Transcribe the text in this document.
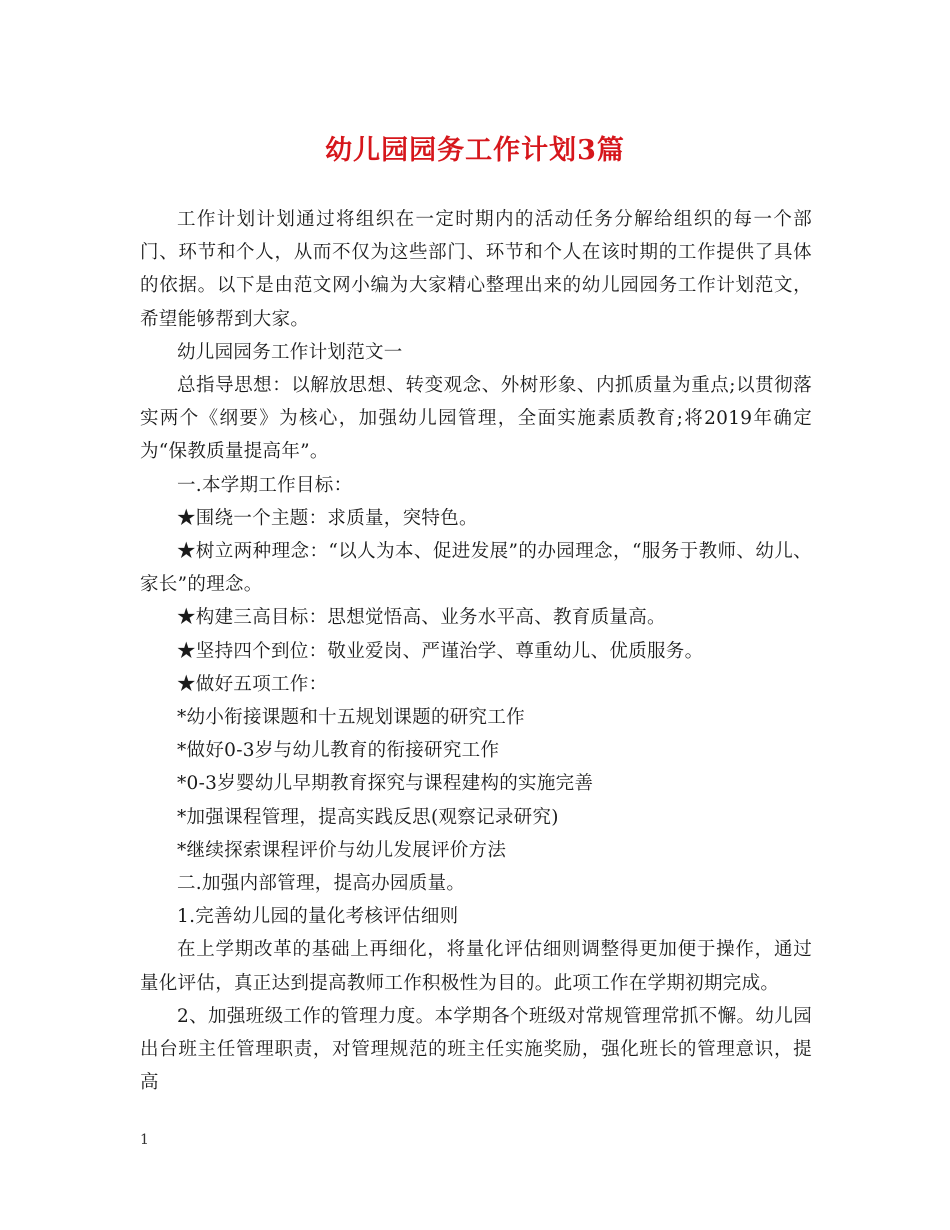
幼儿园园务工作计划3篇

工作计划计划通过将组织在一定时期内的活动任务分解给组织的每一个部门、环节和个人，从而不仅为这些部门、环节和个人在该时期的工作提供了具体的依据。以下是由范文网小编为大家精心整理出来的幼儿园园务工作计划范文，希望能够帮到大家。

幼儿园园务工作计划范文一

总指导思想：以解放思想、转变观念、外树形象、内抓质量为重点;以贯彻落实两个《纲要》为核心，加强幼儿园管理，全面实施素质教育;将2019年确定为“保教质量提高年”。

一.本学期工作目标：

★围绕一个主题：求质量，突特色。

★树立两种理念：“以人为本、促进发展”的办园理念，“服务于教师、幼儿、家长”的理念。

★构建三高目标：思想觉悟高、业务水平高、教育质量高。

★坚持四个到位：敬业爱岗、严谨治学、尊重幼儿、优质服务。

★做好五项工作：

*幼小衔接课题和十五规划课题的研究工作

*做好0-3岁与幼儿教育的衔接研究工作

*0-3岁婴幼儿早期教育探究与课程建构的实施完善

*加强课程管理，提高实践反思(观察记录研究)

*继续探索课程评价与幼儿发展评价方法

二.加强内部管理，提高办园质量。

1.完善幼儿园的量化考核评估细则

在上学期改革的基础上再细化，将量化评估细则调整得更加便于操作，通过量化评估，真正达到提高教师工作积极性为目的。此项工作在学期初期完成。

2、加强班级工作的管理力度。本学期各个班级对常规管理常抓不懈。幼儿园出台班主任管理职责，对管理规范的班主任实施奖励，强化班长的管理意识，提高

1
